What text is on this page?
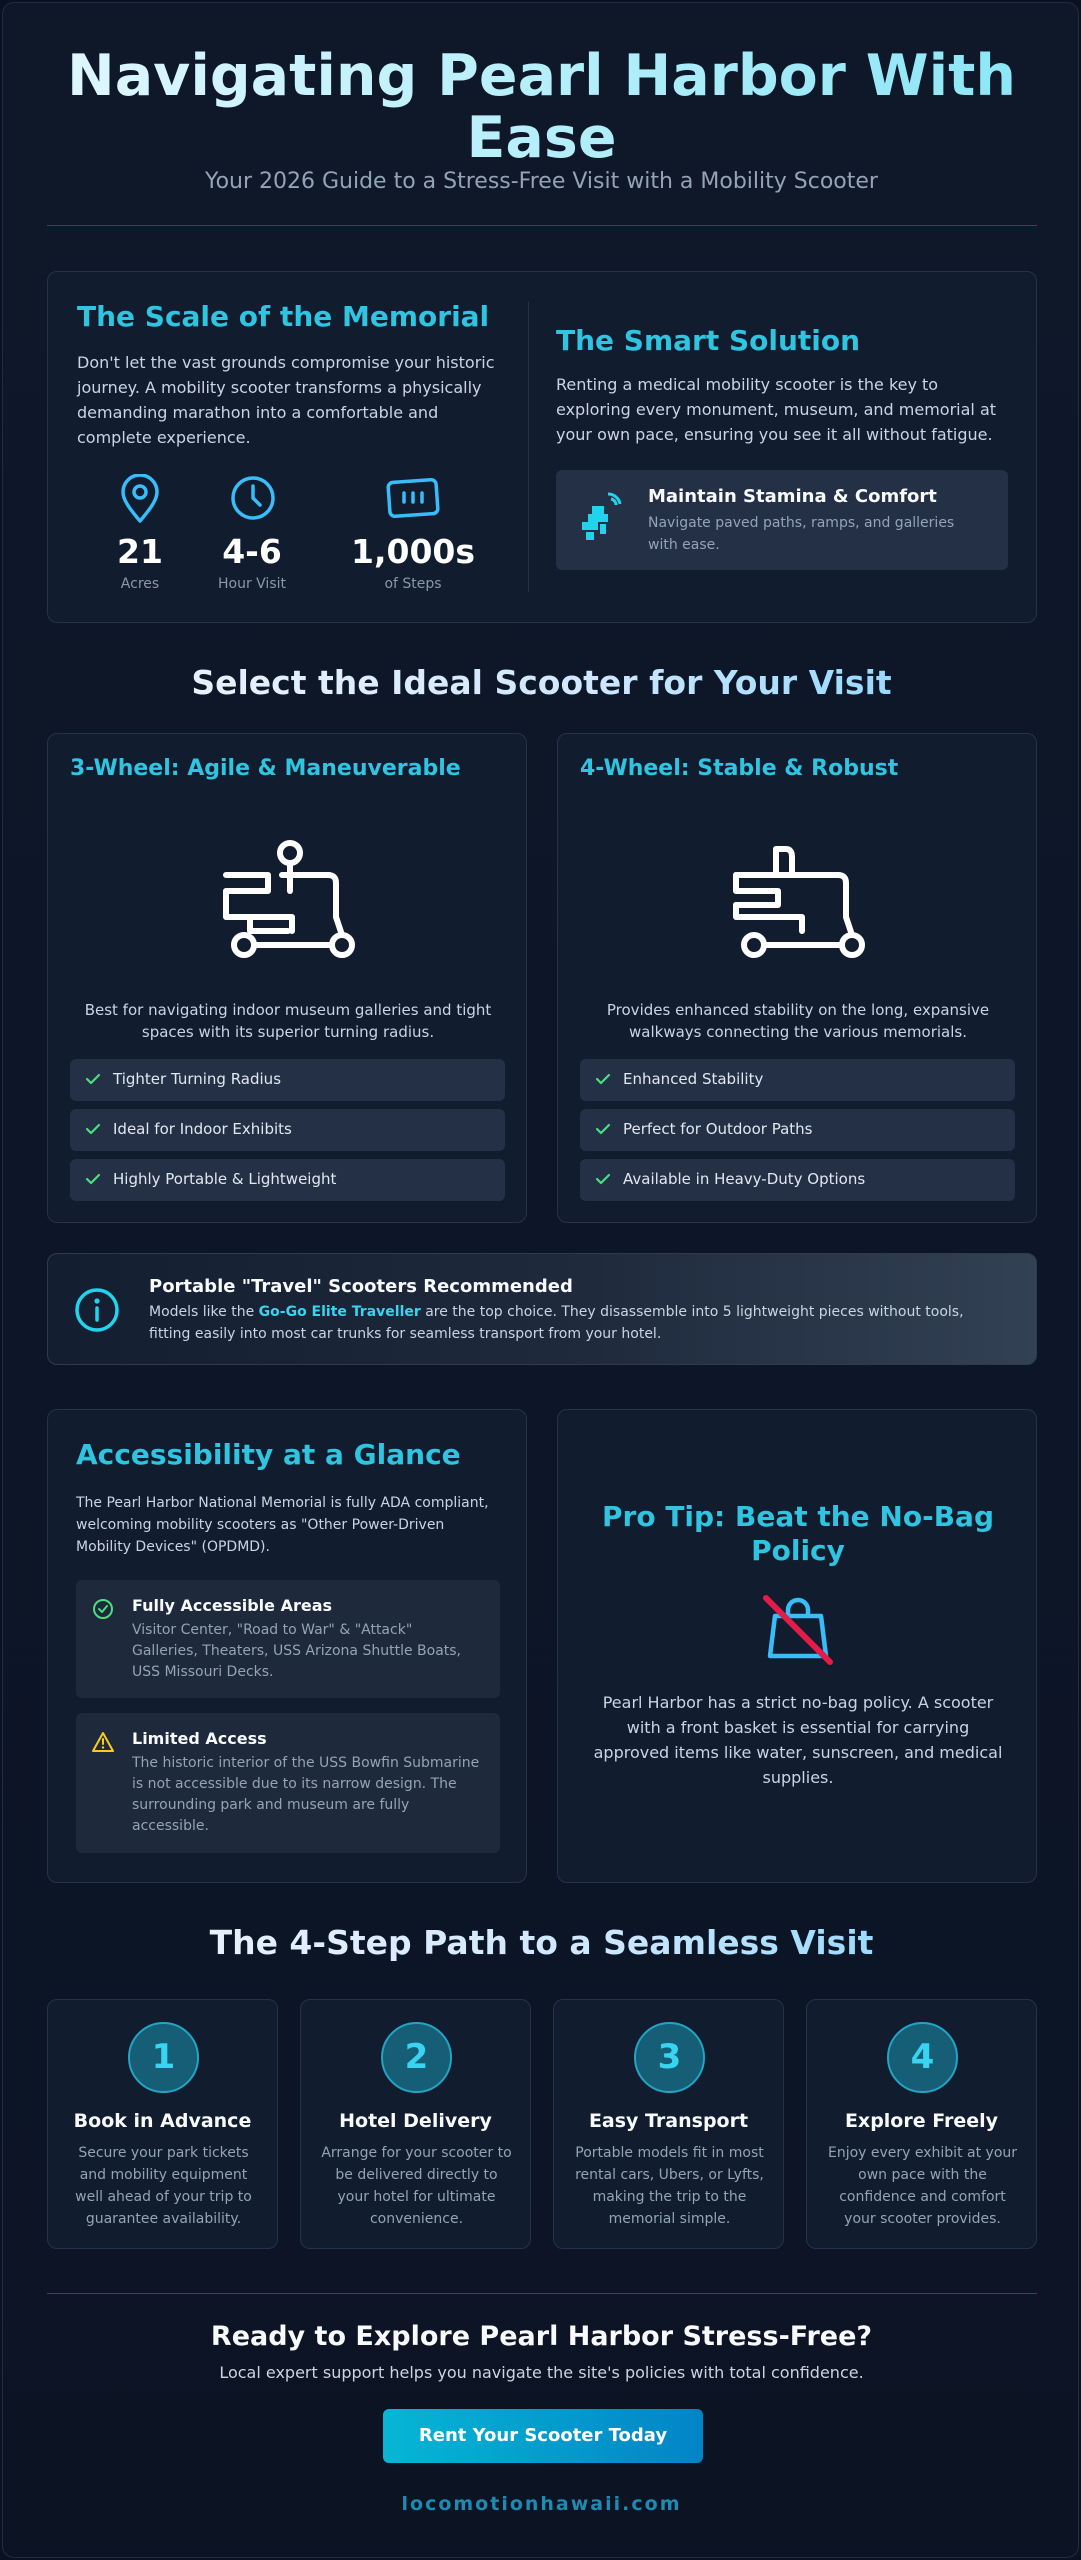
Navigating Pearl Harbor With Ease
Your 2026 Guide to a Stress-Free Visit with a Mobility Scooter
The Scale of the Memorial
Don't let the vast grounds compromise your historic journey. A mobility scooter transforms a physically demanding marathon into a comfortable and complete experience.
21
Acres
4-6
Hour Visit
1,000s
of Steps
The Smart Solution
Renting a medical mobility scooter is the key to exploring every monument, museum, and memorial at your own pace, ensuring you see it all without fatigue.
Maintain Stamina & Comfort
Navigate paved paths, ramps, and galleries with ease.
Select the Ideal Scooter for Your Visit
3-Wheel: Agile & Maneuverable
Best for navigating indoor museum galleries and tight spaces with its superior turning radius.
Tighter Turning Radius
Ideal for Indoor Exhibits
Highly Portable & Lightweight
4-Wheel: Stable & Robust
Provides enhanced stability on the long, expansive walkways connecting the various memorials.
Enhanced Stability
Perfect for Outdoor Paths
Available in Heavy-Duty Options
Portable "Travel" Scooters Recommended
Models like the Go-Go Elite Traveller are the top choice. They disassemble into 5 lightweight pieces without tools, fitting easily into most car trunks for seamless transport from your hotel.
Accessibility at a Glance
The Pearl Harbor National Memorial is fully ADA compliant, welcoming mobility scooters as "Other Power-Driven Mobility Devices" (OPDMD).
Fully Accessible Areas
Visitor Center, "Road to War" & "Attack" Galleries, Theaters, USS Arizona Shuttle Boats, USS Missouri Decks.
Limited Access
The historic interior of the USS Bowfin Submarine is not accessible due to its narrow design. The surrounding park and museum are fully accessible.
Pro Tip: Beat the No-Bag Policy
Pearl Harbor has a strict no-bag policy. A scooter with a front basket is essential for carrying approved items like water, sunscreen, and medical supplies.
The 4-Step Path to a Seamless Visit
1
Book in Advance
Secure your park tickets and mobility equipment well ahead of your trip to guarantee availability.
2
Hotel Delivery
Arrange for your scooter to be delivered directly to your hotel for ultimate convenience.
3
Easy Transport
Portable models fit in most rental cars, Ubers, or Lyfts, making the trip to the memorial simple.
4
Explore Freely
Enjoy every exhibit at your own pace with the confidence and comfort your scooter provides.
Ready to Explore Pearl Harbor Stress-Free?
Local expert support helps you navigate the site's policies with total confidence.
Rent Your Scooter Today
locomotionhawaii.com
